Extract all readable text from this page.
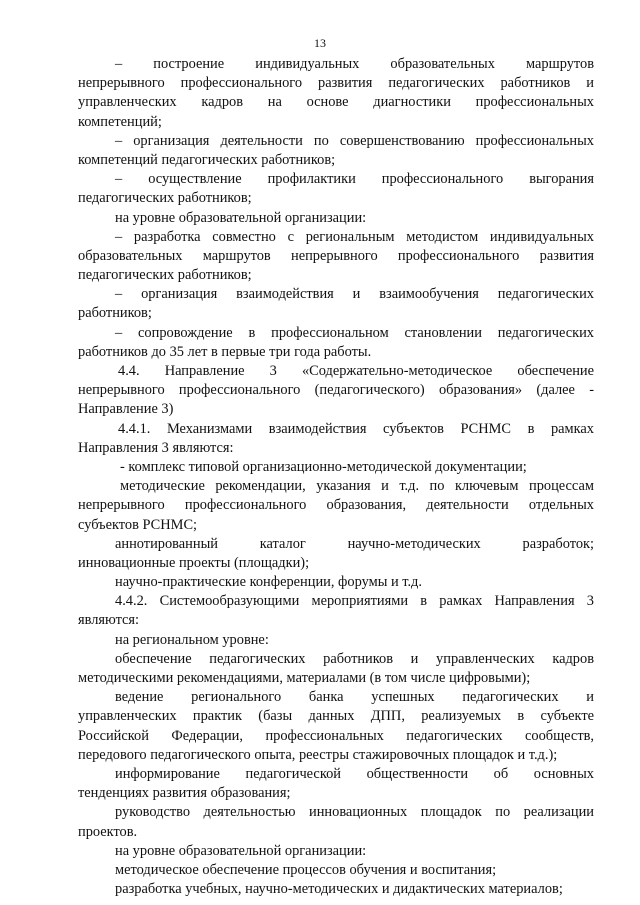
13
– построение индивидуальных образовательных маршрутов
непрерывного профессионального развития педагогических работников и
управленческих кадров на основе диагностики профессиональных
компетенций;
– организация деятельности по совершенствованию профессиональных
компетенций педагогических работников;
– осуществление профилактики профессионального выгорания
педагогических работников;
на уровне образовательной организации:
– разработка совместно с региональным методистом индивидуальных
образовательных маршрутов непрерывного профессионального развития
педагогических работников;
– организация взаимодействия и взаимообучения педагогических
работников;
– сопровождение в профессиональном становлении педагогических
работников до 35 лет в первые три года работы.
4.4. Направление 3 «Содержательно-методическое обеспечение
непрерывного профессионального (педагогического) образования» (далее -
Направление 3)
4.4.1. Механизмами взаимодействия субъектов РСНМС в рамках
Направления 3 являются:
- комплекс типовой организационно-методической документации;
методические рекомендации, указания и т.д. по ключевым процессам
непрерывного профессионального образования, деятельности отдельных
субъектов РСНМС;
аннотированный каталог научно-методических разработок;
инновационные проекты (площадки);
научно-практические конференции, форумы и т.д.
4.4.2. Системообразующими мероприятиями в рамках Направления 3
являются:
на региональном уровне:
обеспечение педагогических работников и управленческих кадров
методическими рекомендациями, материалами (в том числе цифровыми);
ведение регионального банка успешных педагогических и
управленческих практик (базы данных ДПП, реализуемых в субъекте
Российской Федерации, профессиональных педагогических сообществ,
передового педагогического опыта, реестры стажировочных площадок и т.д.);
информирование педагогической общественности об основных
тенденциях развития образования;
руководство деятельностью инновационных площадок по реализации
проектов.
на уровне образовательной организации:
методическое обеспечение процессов обучения и воспитания;
разработка учебных, научно-методических и дидактических материалов;
